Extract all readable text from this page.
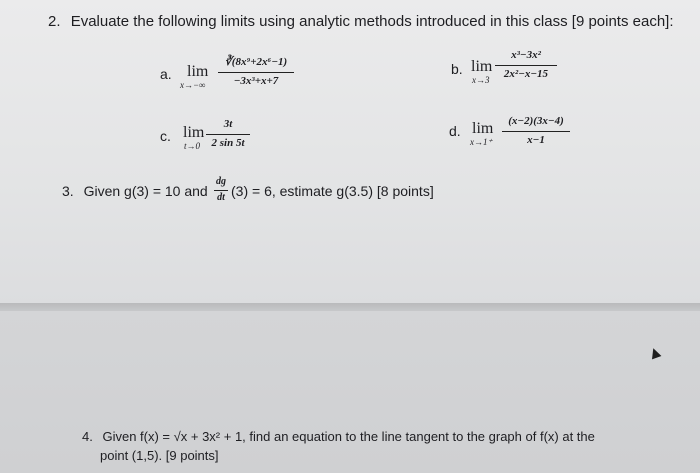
2. Evaluate the following limits using analytic methods introduced in this class [9 points each]:
a. lim
x→−∞
∛(8x⁹+2x⁶−1)
−3x³+x+7
b. lim
x→3
x³−3x²
2x²−x−15
c. lim
t→0
3t
2 sin 5t
d. lim
x→1⁺
(x−2)(3x−4)
x−1
3. Given g(3) = 10 and
dg
dt (3) = 6, estimate g(3.5) [8 points]
4. Given f(x) = √x + 3x² + 1, find an equation to the line tangent to the graph of f(x) at the
point (1,5). [9 points]
